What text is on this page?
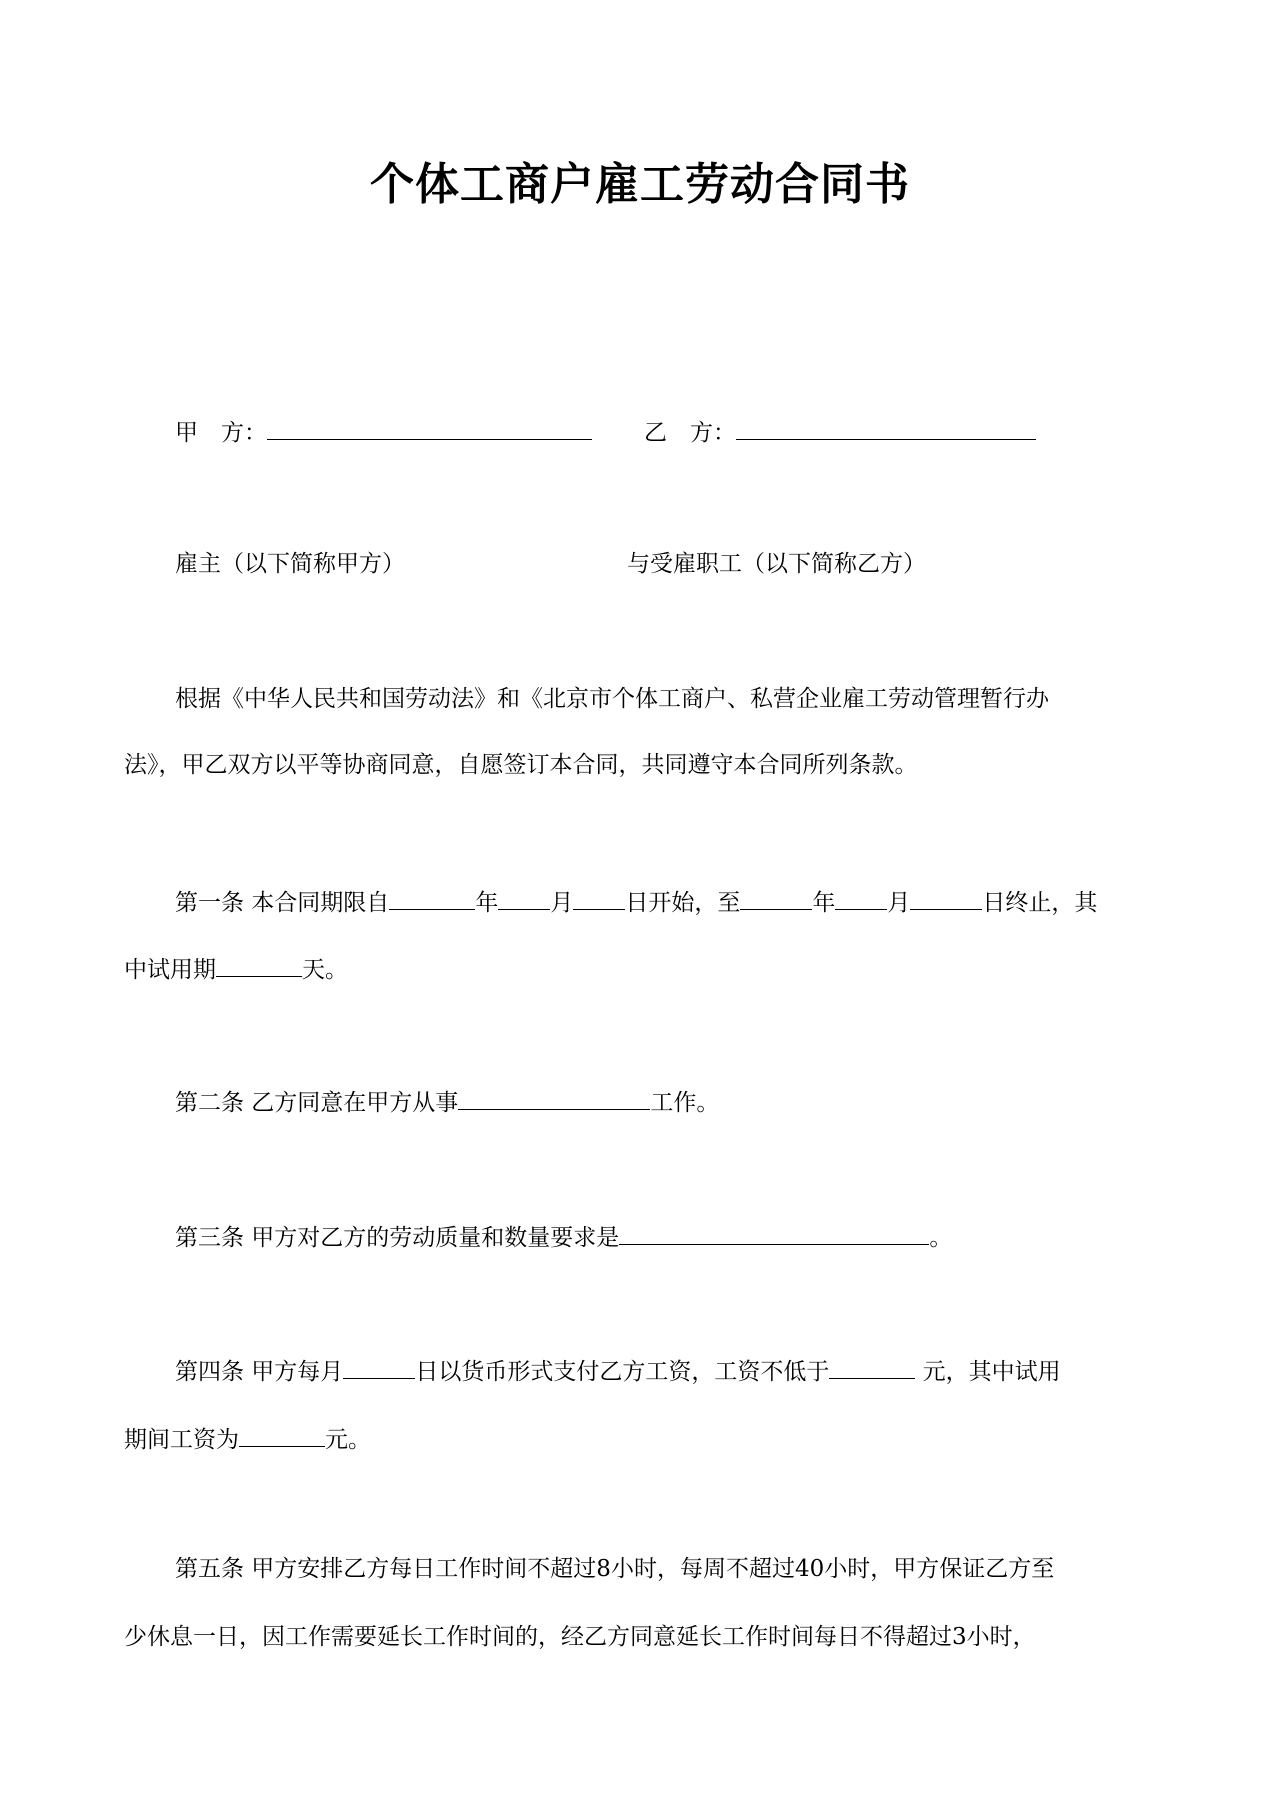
个体工商户雇工劳动合同书
甲　方：	乙　方：
雇主（以下简称甲方）	与受雇职工（以下简称乙方）
根据《中华人民共和国劳动法》和《北京市个体工商户、私营企业雇工劳动管理暂行办
法》，甲乙双方以平等协商同意，自愿签订本合同，共同遵守本合同所列条款。
第一条 本合同期限自	年 月 日开始，至	年 月	日终止，其
中试用期	天。
第二条 乙方同意在甲方从事	工作。
第三条 甲方对乙方的劳动质量和数量要求是	。
第四条 甲方每月	日以货币形式支付乙方工资，工资不低于	元，其中试用
期间工资为	元。
第五条 甲方安排乙方每日工作时间不超过8小时，每周不超过40小时，甲方保证乙方至
少休息一日，因工作需要延长工作时间的，经乙方同意延长工作时间每日不得超过3小时，
